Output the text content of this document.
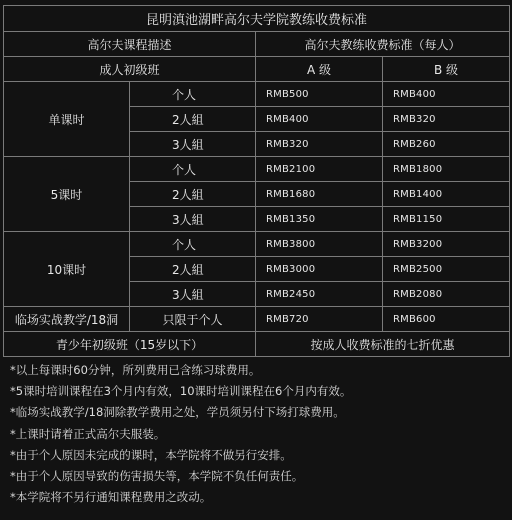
昆明滇池湖畔高尔夫学院教练收费标准			
高尔夫课程描述		高尔夫教练收费标准（每人）	
成人初级班		A 级	B 级
单课时	个人	RMB500	RMB400
	2人組	RMB400	RMB320
	3人組	RMB320	RMB260
5课时	个人	RMB2100	RMB1800
	2人組	RMB1680	RMB1400
	3人組	RMB1350	RMB1150
10课时	个人	RMB3800	RMB3200
	2人組	RMB3000	RMB2500
	3人組	RMB2450	RMB2080
临场实战教学/18洞	只限于个人	RMB720	RMB600
青少年初级班（15岁以下）		按成人收费标准的七折优惠	
*以上每课时60分钟，所列费用已含练习球费用。
*5课时培训课程在3个月内有效，10课时培训课程在6个月内有效。
*临场实战教学/18洞除教学费用之处，学员须另付下场打球费用。
*上课时请着正式高尔夫服装。
*由于个人原因未完成的课时，本学院将不做另行安排。
*由于个人原因导致的伤害损失等，本学院不负任何责任。
*本学院将不另行通知课程费用之改动。
